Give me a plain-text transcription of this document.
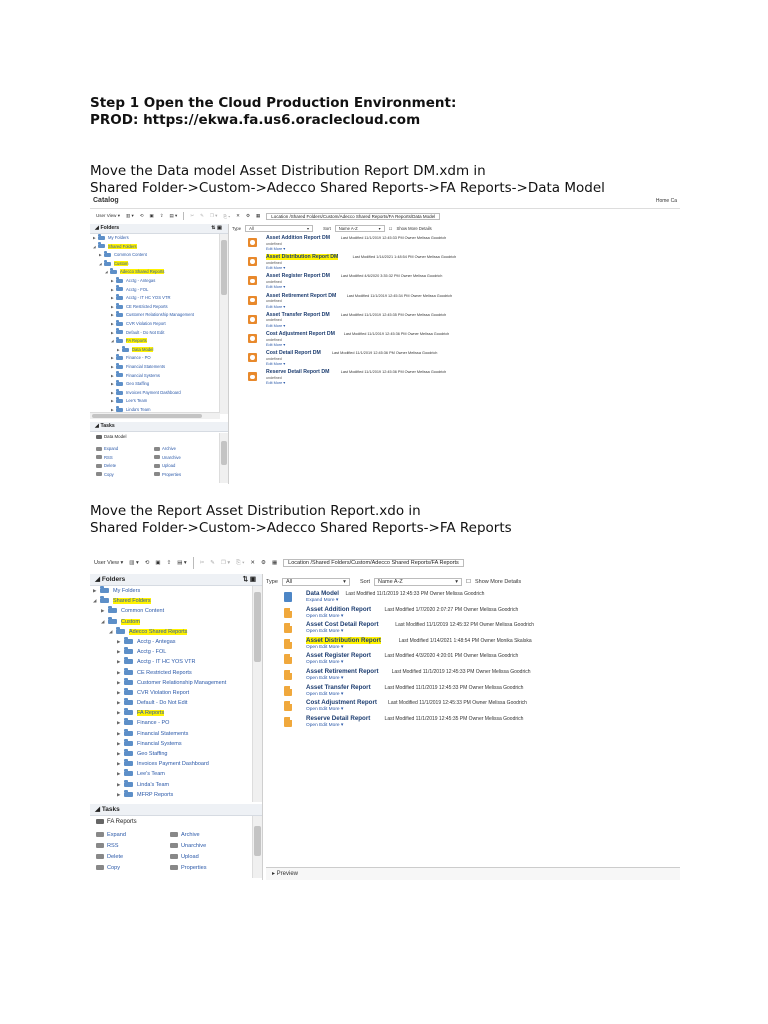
Step 1 Open the Cloud Production Environment:
PROD: https://ekwa.fa.us6.oraclecloud.com
Move the Data model Asset Distribution Report DM.xdm in
Shared Folder->Custom->Adecco Shared Reports->FA Reports->Data Model
Move the Report Asset Distribution Report.xdo in
Shared Folder->Custom->Adecco Shared Reports->FA Reports
Catalog	Home Ca
User View ▾ ▥ ▾ ⟲ ▣ ⇪ ▤ ▾	✂ ✎ ❐ ▾ ⎘ ▾ ✕ ⚙ ▦	Location /Shared Folders/Custom/Adecco Shared Reports/FA Reports/Data Model
◢ Folders	⇅ ▣
▶	My Folders
◢	Shared Folders
▶	Common Content
◢	Custom
◢	Adecco Shared Reports
▶	Acctg - Antegas
▶	Acctg - FOL
▶	Acctg - IT HC YOS VTR
▶	CE Restricted Reports
▶	Customer Relationship Management
▶	CVR Violation Report
▶	Default - Do Not Edit
◢	FA Reports
▶	Data Model
▶	Finance - PO
▶	Financial Statements
▶	Financial Systems
▶	Geo Staffing
▶	Invoices Payment Dashboard
▶	Lee's Team
▶	Linda's Team
◢ Tasks
Data Model
Expand	Archive
RSS	Unarchive
Delete	Upload
Copy	Properties
Type	All	▾	Sort	Name A-Z	▾ ☐ Show More Details
Asset Addition Report DM	Last Modified 11/1/2019 12:45:33 PM Owner Melissa Goodrich
undefined
Edit More ▾
Asset Distribution Report DM	Last Modified 1/14/2021 1:48:54 PM Owner Melissa Goodrich
undefined
Edit More ▾
Asset Register Report DM	Last Modified 4/6/2020 3:35:32 PM Owner Melissa Goodrich
undefined
Edit More ▾
Asset Retirement Report DM	Last Modified 11/1/2019 12:45:34 PM Owner Melissa Goodrich
undefined
Edit More ▾
Asset Transfer Report DM	Last Modified 11/1/2019 12:45:35 PM Owner Melissa Goodrich
undefined
Edit More ▾
Cost Adjustment Report DM Last Modified 11/1/2019 12:45:36 PM Owner Melissa Goodrich
undefined
Edit More ▾
Cost Detail Report DM	Last Modified 11/1/2019 12:45:36 PM Owner Melissa Goodrich
undefined
Edit More ▾
Reserve Detail Report DM	Last Modified 11/1/2019 12:45:36 PM Owner Melissa Goodrich
undefined
Edit More ▾
User View ▾ ▥ ▾ ⟲ ▣ ⇪ ▤ ▾ ✂ ✎ ❐ ▾ ⎘ ▾ ✕ ⚙ ▦	Location /Shared Folders/Custom/Adecco Shared Reports/FA Reports
◢ Folders	⇅ ▣
▶	My Folders
◢	Shared Folders
▶	Common Content
◢	Custom
◢	Adecco Shared Reports
▶	Acctg - Antegas
▶	Acctg - FOL
▶	Acctg - IT HC YOS VTR
▶	CE Restricted Reports
▶	Customer Relationship Management
▶	CVR Violation Report
▶	Default - Do Not Edit
▶	FA Reports
▶	Finance - PO
▶	Financial Statements
▶	Financial Systems
▶	Geo Staffing
▶	Invoices Payment Dashboard
▶	Lee's Team
▶	Linda's Team
▶	MFRP Reports
◢ Tasks
FA Reports
Expand	Archive
RSS	Unarchive
Delete	Upload
Copy	Properties
Type	All	▾	Sort	Name A-Z	▾ ☐ Show More Details
Data Model Last Modified 11/1/2019 12:45:33 PM Owner Melissa Goodrich
Expand More ▾
Asset Addition Report	Last Modified 1/7/2020 2:07:27 PM Owner Melissa Goodrich
Open Edit More ▾
Asset Cost Detail Report	Last Modified 11/1/2019 12:45:32 PM Owner Melissa Goodrich
Open Edit More ▾
Asset Distribution Report	Last Modified 1/14/2021 1:48:54 PM Owner Monika Skalska
Open Edit More ▾
Asset Register Report	Last Modified 4/3/2020 4:20:01 PM Owner Melissa Goodrich
Open Edit More ▾
Asset Retirement Report	Last Modified 11/1/2019 12:45:33 PM Owner Melissa Goodrich
Open Edit More ▾
Asset Transfer Report	Last Modified 11/1/2019 12:45:33 PM Owner Melissa Goodrich
Open Edit More ▾
Cost Adjustment Report Last Modified 11/1/2019 12:45:33 PM Owner Melissa Goodrich
Open Edit More ▾
Reserve Detail Report	Last Modified 11/1/2019 12:45:35 PM Owner Melissa Goodrich
Open Edit More ▾
▸ Preview
